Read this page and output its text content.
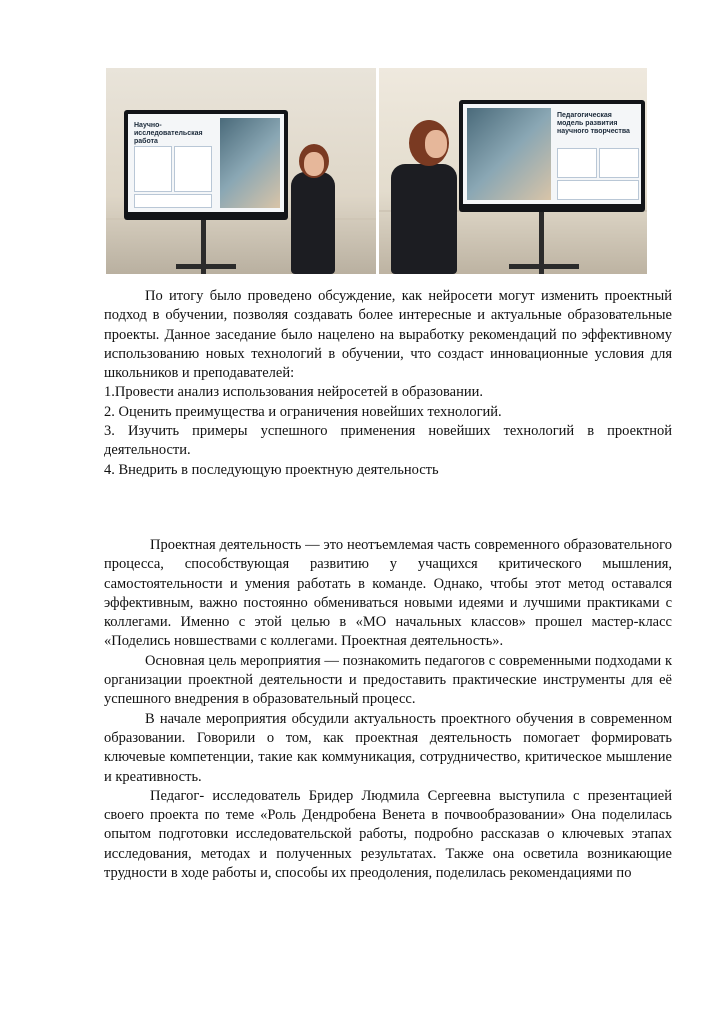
Научно-исследовательская работа
Педагогическая модель развития научного творчества

По итогу было проведено обсуждение, как нейросети могут изменить проектный подход в обучении, позволяя создавать более интересные и актуальные образовательные проекты. Данное заседание было нацелено на выработку рекомендаций по эффективному использованию новых технологий в обучении, что создаст инновационные условия для школьников и преподавателей:

1.Провести анализ использования нейросетей в образовании.

2. Оценить преимущества и ограничения новейших технологий.

3. Изучить примеры успешного применения новейших технологий в проектной деятельности.

4. Внедрить в последующую проектную деятельность

Проектная деятельность — это неотъемлемая часть современного образовательного процесса, способствующая развитию у учащихся критического мышления, самостоятельности и умения работать в команде. Однако, чтобы этот метод оставался эффективным, важно постоянно обмениваться новыми идеями и лучшими практиками с коллегами. Именно с этой целью в «МО начальных классов» прошел мастер-класс «Поделись новшествами с коллегами. Проектная деятельность».

Основная цель мероприятия — познакомить педагогов с современными подходами к организации проектной деятельности и предоставить практические инструменты для её успешного внедрения в образовательный процесс.

В начале мероприятия обсудили актуальность проектного обучения в современном образовании. Говорили о том, как проектная деятельность помогает формировать ключевые компетенции, такие как коммуникация, сотрудничество, критическое мышление и креативность.

Педагог- исследователь Бридер Людмила Сергеевна выступила с презентацией своего проекта по теме «Роль Дендробена Венета в почвообразовании» Она поделилась опытом подготовки исследовательской работы, подробно рассказав о ключевых этапах исследования, методах и полученных результатах. Также она осветила возникающие трудности в ходе работы и, способы их преодоления, поделилась рекомендациями по
